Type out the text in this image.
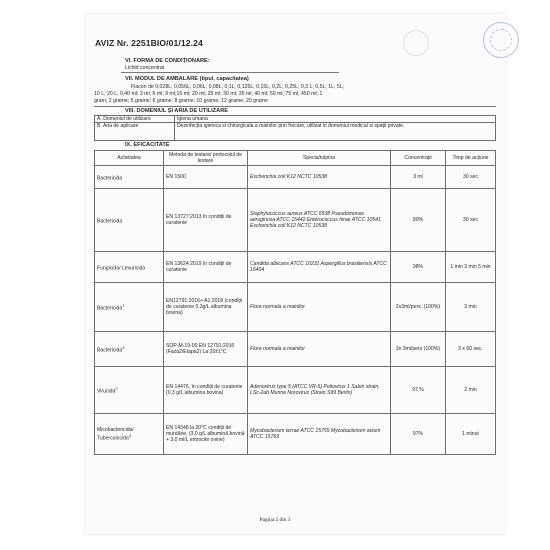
AVIZ Nr. 2251BIO/01/12.24
VI. FORMA DE CONDIȚIONARE:
Lichid concentrat
VII. MODUL DE AMBALARE (tipul, capacitatea)
Flacon de 0,028L; 0,056L; 0,06L; 0,08L; 0,1L; 0,125L; 0,15L; 0,2L; 0,25L; 0,3 L; 0,5L; 1L; 5L;
10 L; 20 L; 0,40 ml; 3 ml; 6 ml; 9 ml;15 ml; 20 ml; 25 ml; 30 ml; 35 ml; 40 ml; 50 ml; 75 ml; 450 ml; 1
gram; 2 grame; 5 grame; 6 grame; 8 grame; 10 grame; 12 grame; 20 grame
VIII. DOMENIUL ȘI ARIA DE UTILIZARE
A. Domeniul de utilizare	Igiena umana
B. Aria de aplicare	Dezinfecția igienica si chirurgicala a mainilor prin frecare, utilizat in domeniul medical si spații private.
IX. EFICACITATE
Activitatea	Metoda de testare/ protocolul de testare	Specia/tulpina	Concentrații	Timp de acțiune
Bactericida	EN 1500	Escherichia coli K12 NCTC 10538	3 ml	30 sec
Bactericida	EN 13727:2013 în condiții de curatenie	Staphylococcus aureus ATCC 6538 Pseudomonas aeruginosa ATCC 15442 Enterococcus hirae ATCC 10541 Escherichia coli K12 NCTC 10538	80%	30 sec
Fungicida/ Levuricida	EN 13624:2019 în condiții de curatenie	Candida albicans ATCC 10231 Aspergillus brasiliensis ATCC 16404	98%	1 min 3 min 5 min
Bactericida$^1$	EN12791:2016+ A1:2018 (condiții de curatenie 0,3g/L albumina bovina)	Flora normala a mainilor	2x3ml/pers. (100%)	3 min
Bactericida$^3$	SOP-M-19-00 EN 12791:2016 (Faza2/Etapa2) La 20±1°C	Flora normala a mainilor	3x 3ml/pers (100%)	3 x 60 sec.
Virucida$^2$	EN 14476, în condiții de curatenie (0,3 g/L albumina bovina)	Adenovirus type 5 (ATCC VR-5) Poliovirus 1 Sabin strain, LSc-2ab Murine Norovirus (Strain S99 Berlin)	97 %	2 min
Micobactericida/ Tuberculocida$^4$	EN 14348 la 20°C condiții de murdărie, (3,0 g/L albumină bovină + 3,0 ml/L eritrocite ovine)	Mycobacterium terrae ATCC 15755 Mycobacterium avium ATCC 15769	97%	1 minut
Pagina 2 din 3
